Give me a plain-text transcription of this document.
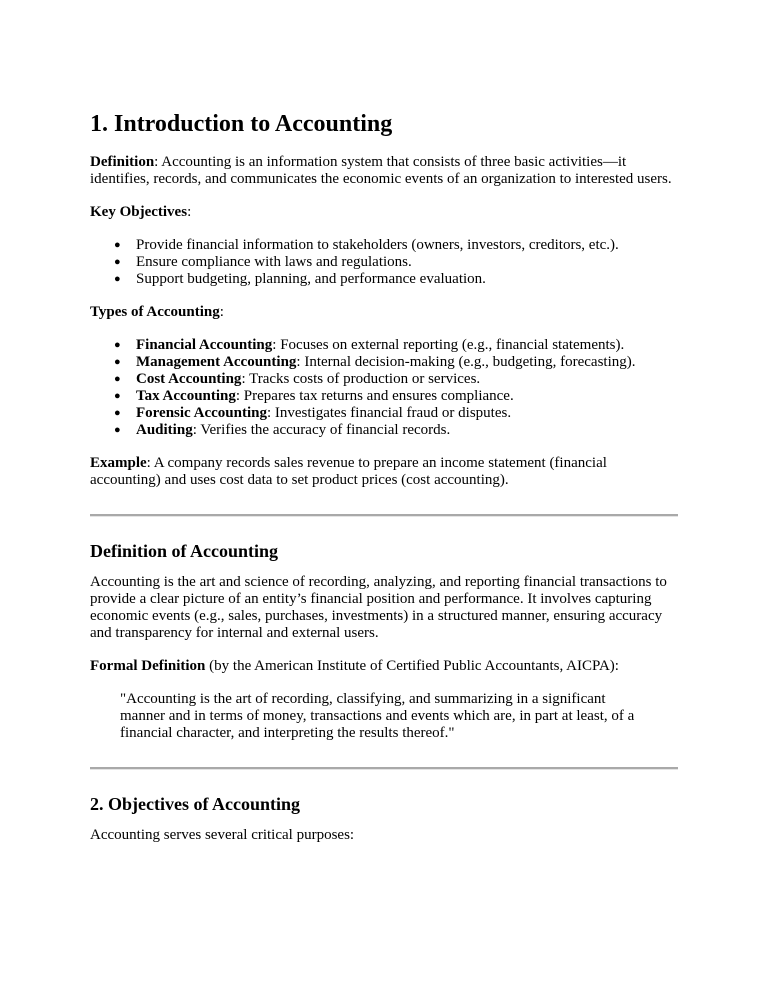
1. Introduction to Accounting

Definition: Accounting is an information system that consists of three basic activities—it identifies, records, and communicates the economic events of an organization to interested users.

Key Objectives:

● Provide financial information to stakeholders (owners, investors, creditors, etc.).
● Ensure compliance with laws and regulations.
● Support budgeting, planning, and performance evaluation.

Types of Accounting:

● Financial Accounting: Focuses on external reporting (e.g., financial statements).
● Management Accounting: Internal decision-making (e.g., budgeting, forecasting).
● Cost Accounting: Tracks costs of production or services.
● Tax Accounting: Prepares tax returns and ensures compliance.
● Forensic Accounting: Investigates financial fraud or disputes.
● Auditing: Verifies the accuracy of financial records.

Example: A company records sales revenue to prepare an income statement (financial accounting) and uses cost data to set product prices (cost accounting).

Definition of Accounting

Accounting is the art and science of recording, analyzing, and reporting financial transactions to provide a clear picture of an entity’s financial position and performance. It involves capturing economic events (e.g., sales, purchases, investments) in a structured manner, ensuring accuracy and transparency for internal and external users.

Formal Definition (by the American Institute of Certified Public Accountants, AICPA):

"Accounting is the art of recording, classifying, and summarizing in a significant manner and in terms of money, transactions and events which are, in part at least, of a financial character, and interpreting the results thereof."
2. Objectives of Accounting

Accounting serves several critical purposes:
